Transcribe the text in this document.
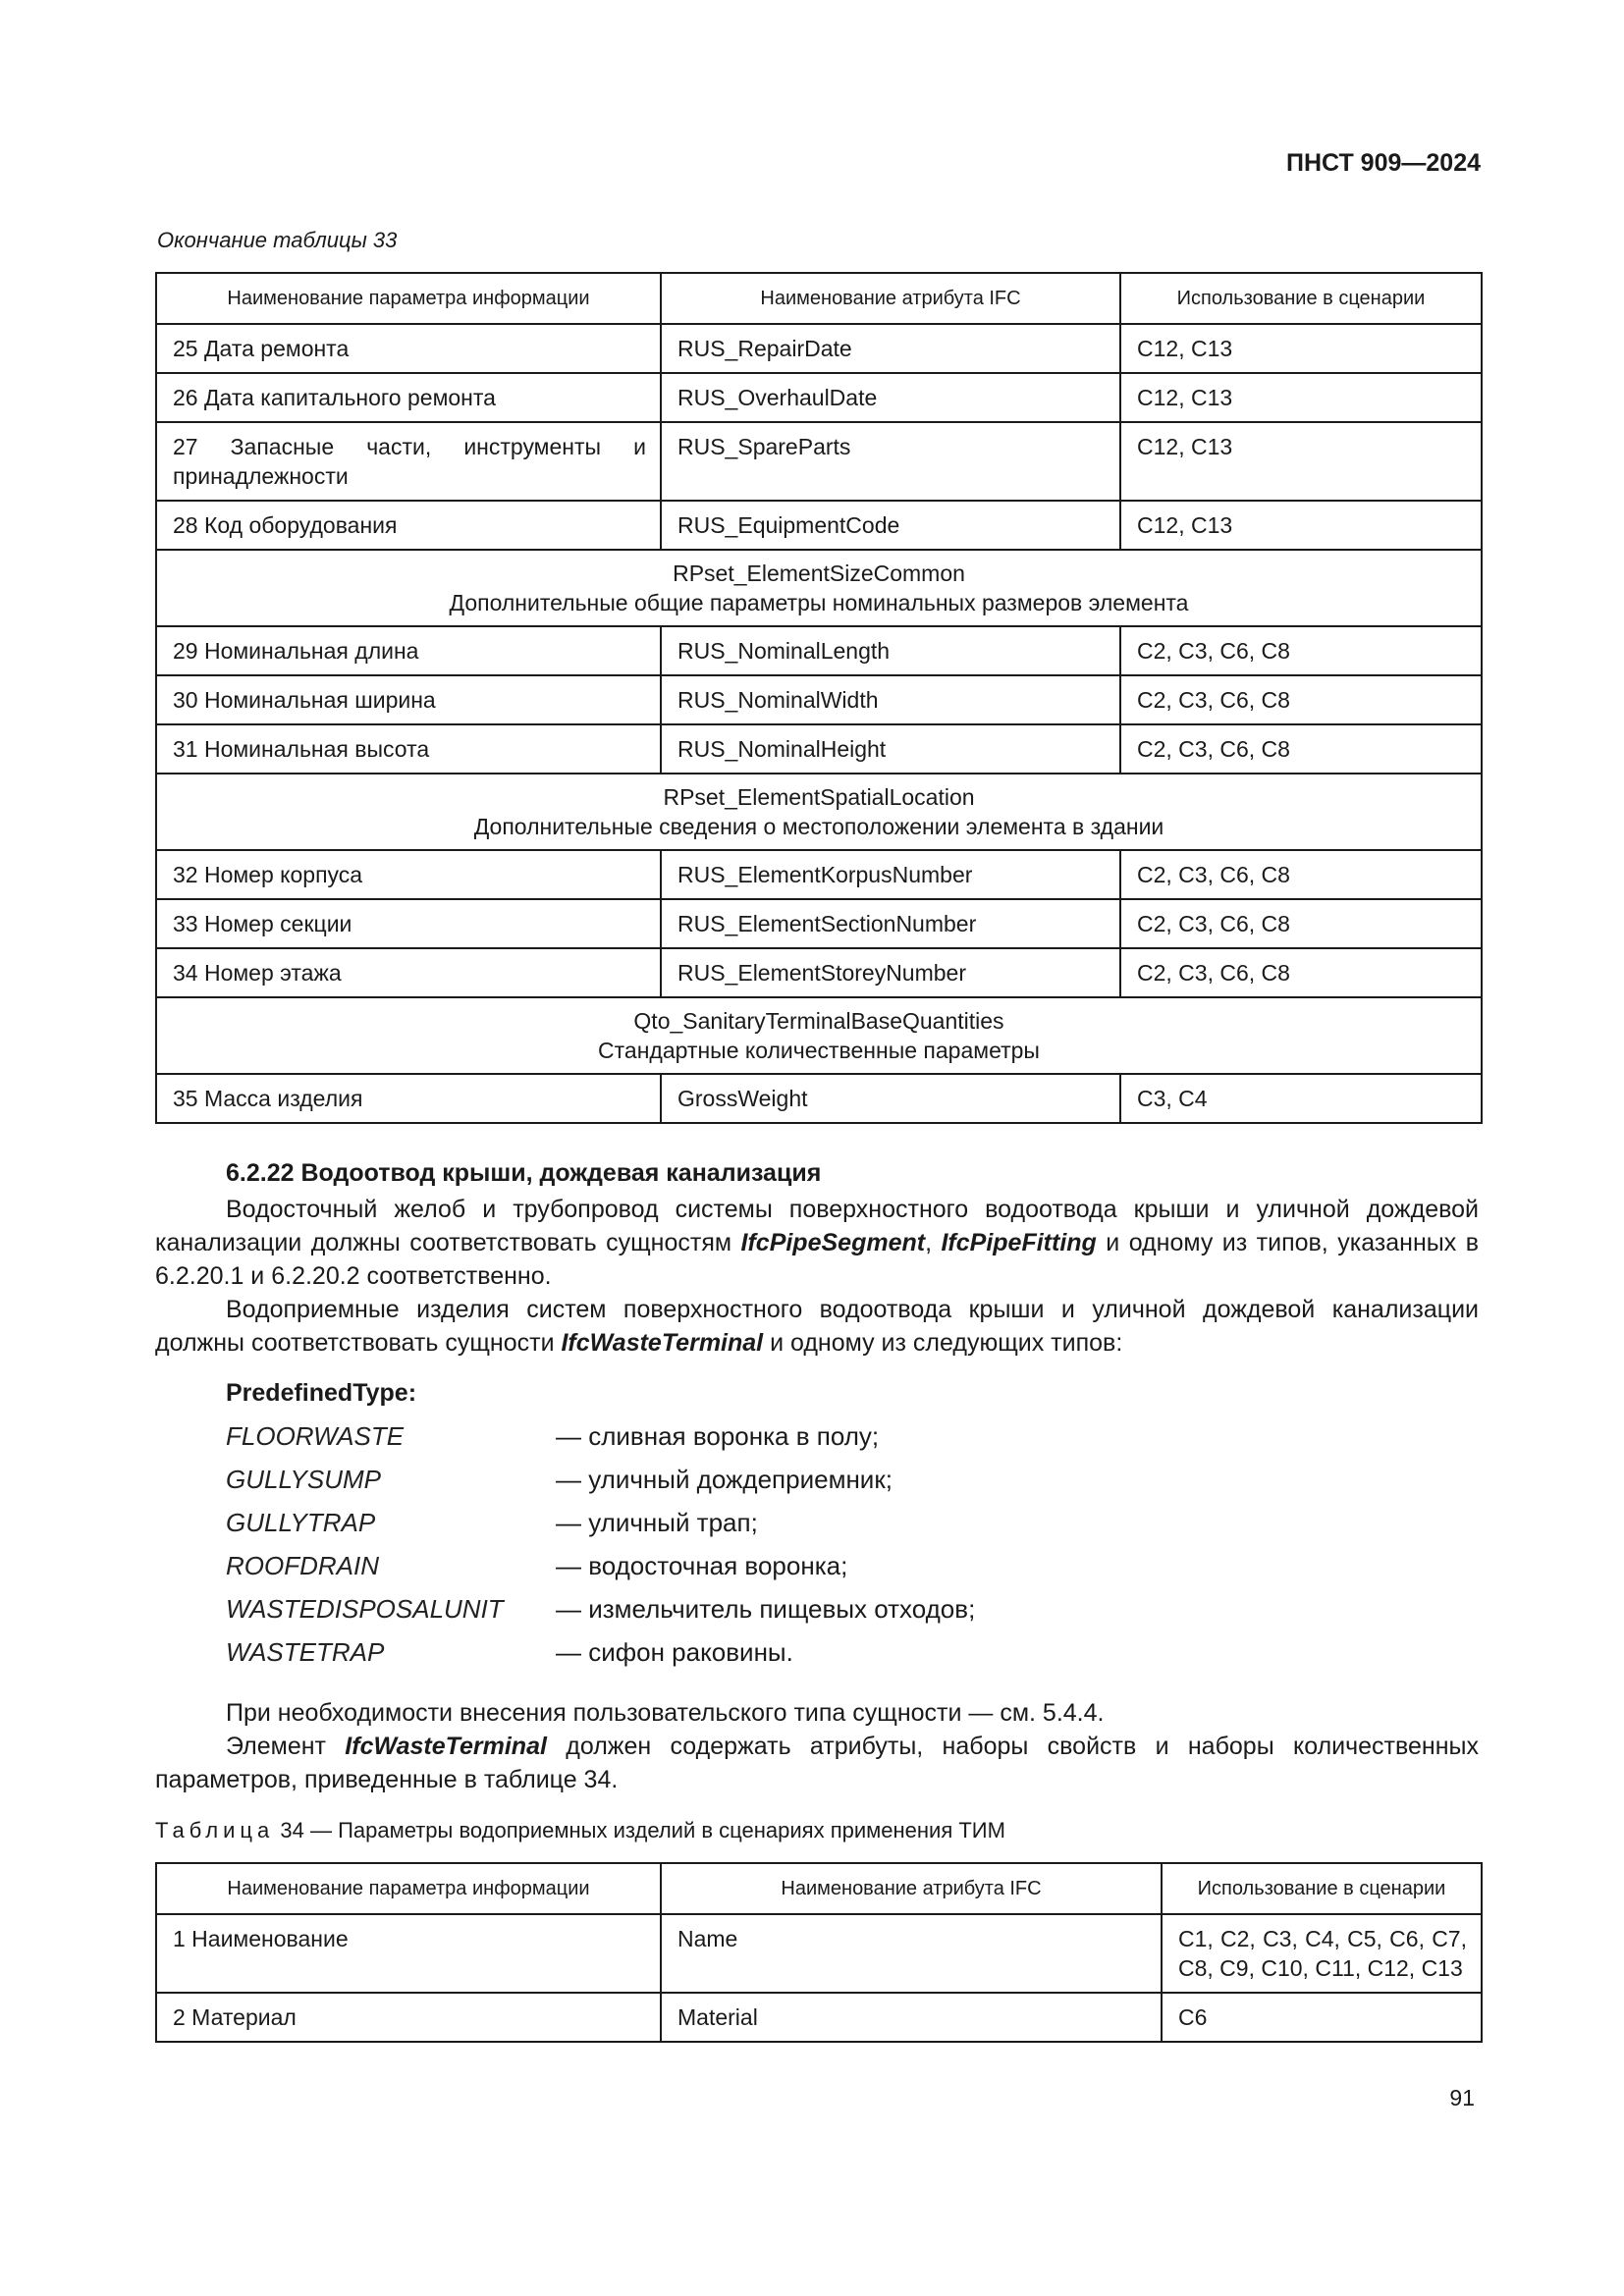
ПНСТ 909—2024
Окончание таблицы 33
Наименование параметра информации	Наименование атрибута IFC	Использование в сценарии
25 Дата ремонта	RUS_RepairDate	C12, C13
26 Дата капитального ремонта	RUS_OverhaulDate	C12, C13
27 Запасные части, инструменты и принадлежности	RUS_SpareParts	C12, C13
28 Код оборудования	RUS_EquipmentCode	C12, C13

RPset_ElementSizeCommon
Дополнительные общие параметры номинальных размеров элемента		

29 Номинальная длина	RUS_NominalLength	C2, C3, C6, C8
30 Номинальная ширина	RUS_NominalWidth	C2, C3, C6, C8
31 Номинальная высота	RUS_NominalHeight	C2, C3, C6, C8

RPset_ElementSpatialLocation
Дополнительные сведения о местоположении элемента в здании		

32 Номер корпуса	RUS_ElementKorpusNumber	C2, C3, C6, C8
33 Номер секции	RUS_ElementSectionNumber	C2, C3, C6, C8
34 Номер этажа	RUS_ElementStoreyNumber	C2, C3, C6, C8

Qto_SanitaryTerminalBaseQuantities
Стандартные количественные параметры		

35 Масса изделия	GrossWeight	C3, C4
6.2.22 Водоотвод крыши, дождевая канализация

Водосточный желоб и трубопровод системы поверхностного водоотвода крыши и уличной дождевой канализации должны соответствовать сущностям IfcPipeSegment, IfcPipeFitting и одному из типов, указанных в 6.2.20.1 и 6.2.20.2 соответственно.

Водоприемные изделия систем поверхностного водоотвода крыши и уличной дождевой канализации должны соответствовать сущности IfcWasteTerminal и одному из следующих типов:

PredefinedType:
FLOORWASTE	— сливная воронка в полу;
GULLYSUMP	— уличный дождеприемник;
GULLYTRAP	— уличный трап;
ROOFDRAIN	— водосточная воронка;
WASTEDISPOSALUNIT	— измельчитель пищевых отходов;
WASTETRAP	— сифон раковины.

При необходимости внесения пользовательского типа сущности — см. 5.4.4.

Элемент IfcWasteTerminal должен содержать атрибуты, наборы свойств и наборы количественных параметров, приведенные в таблице 34.

Таблица 34 — Параметры водоприемных изделий в сценариях применения ТИМ
Наименование параметра информации	Наименование атрибута IFC	Использование в сценарии
1 Наименование	Name	C1, C2, C3, C4, C5, C6, C7, C8, C9, C10, C11, C12, C13
2 Материал	Material	C6
91
